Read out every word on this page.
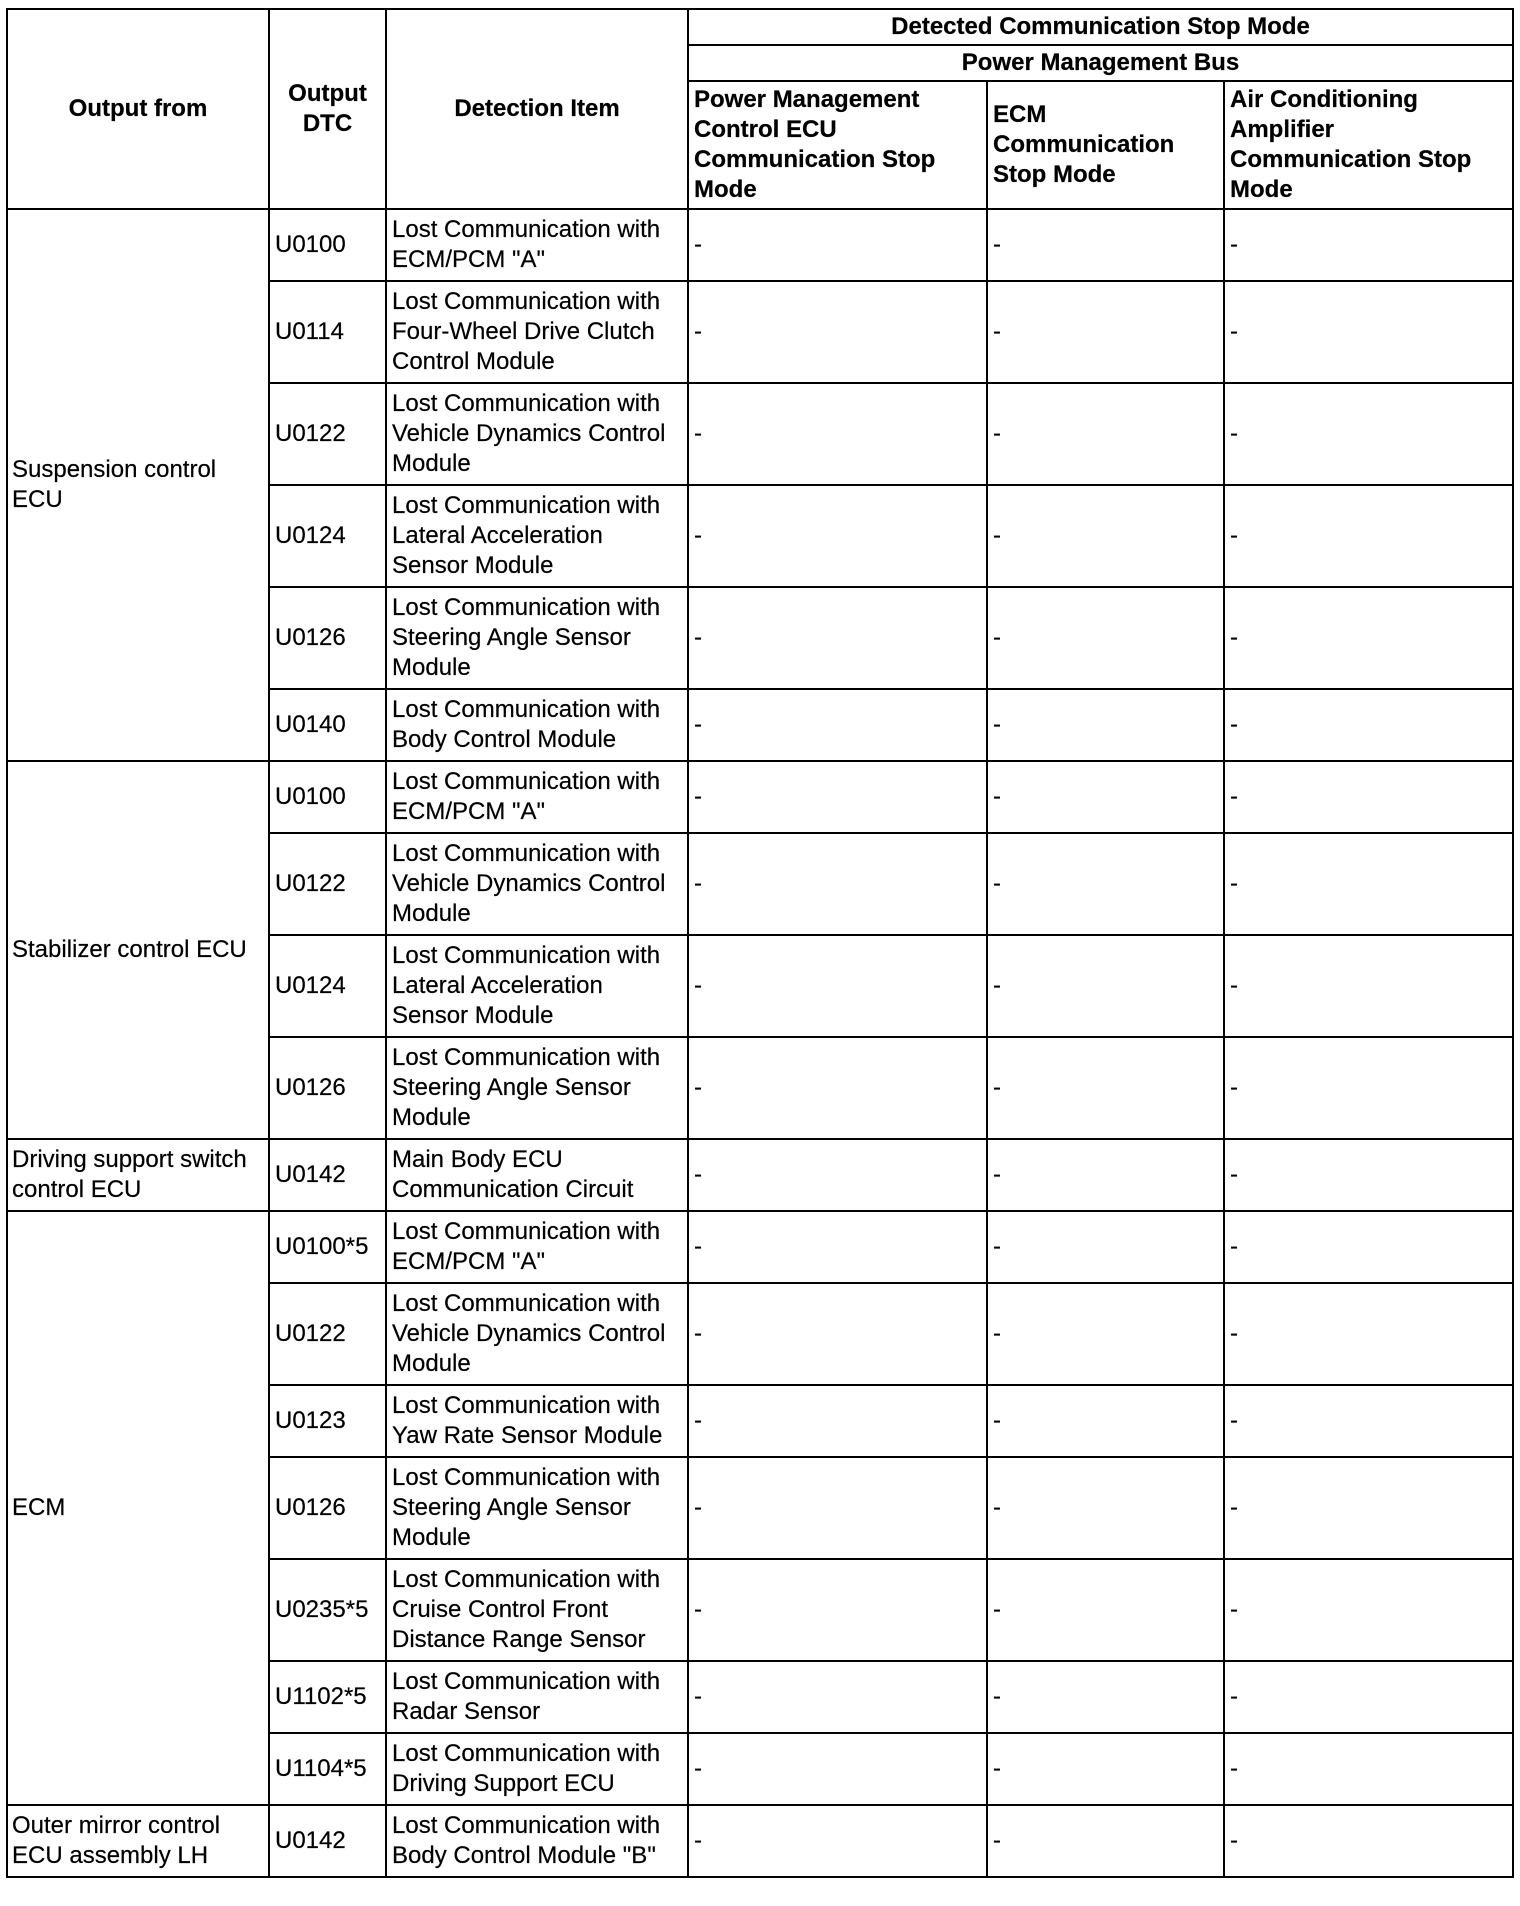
Output from	Output DTC	Detection Item	Detected Communication Stop Mode		
			Power Management Bus		
			Power Management Control ECU Communication Stop Mode	ECM Communication Stop Mode	Air Conditioning Amplifier Communication Stop Mode
Suspension control ECU	U0100	Lost Communication with ECM/PCM "A"	-	-	-
	U0114	Lost Communication with Four-Wheel Drive Clutch Control Module	-	-	-
	U0122	Lost Communication with Vehicle Dynamics Control Module	-	-	-
	U0124	Lost Communication with Lateral Acceleration Sensor Module	-	-	-
	U0126	Lost Communication with Steering Angle Sensor Module	-	-	-
	U0140	Lost Communication with Body Control Module	-	-	-
Stabilizer control ECU	U0100	Lost Communication with ECM/PCM "A"	-	-	-
	U0122	Lost Communication with Vehicle Dynamics Control Module	-	-	-
	U0124	Lost Communication with Lateral Acceleration Sensor Module	-	-	-
	U0126	Lost Communication with Steering Angle Sensor Module	-	-	-
Driving support switch control ECU	U0142	Main Body ECU Communication Circuit	-	-	-
ECM	U0100*5	Lost Communication with ECM/PCM "A"	-	-	-
	U0122	Lost Communication with Vehicle Dynamics Control Module	-	-	-
	U0123	Lost Communication with Yaw Rate Sensor Module	-	-	-
	U0126	Lost Communication with Steering Angle Sensor Module	-	-	-
	U0235*5	Lost Communication with Cruise Control Front Distance Range Sensor	-	-	-
	U1102*5	Lost Communication with Radar Sensor	-	-	-
	U1104*5	Lost Communication with Driving Support ECU	-	-	-
Outer mirror control ECU assembly LH	U0142	Lost Communication with Body Control Module "B"	-	-	-
